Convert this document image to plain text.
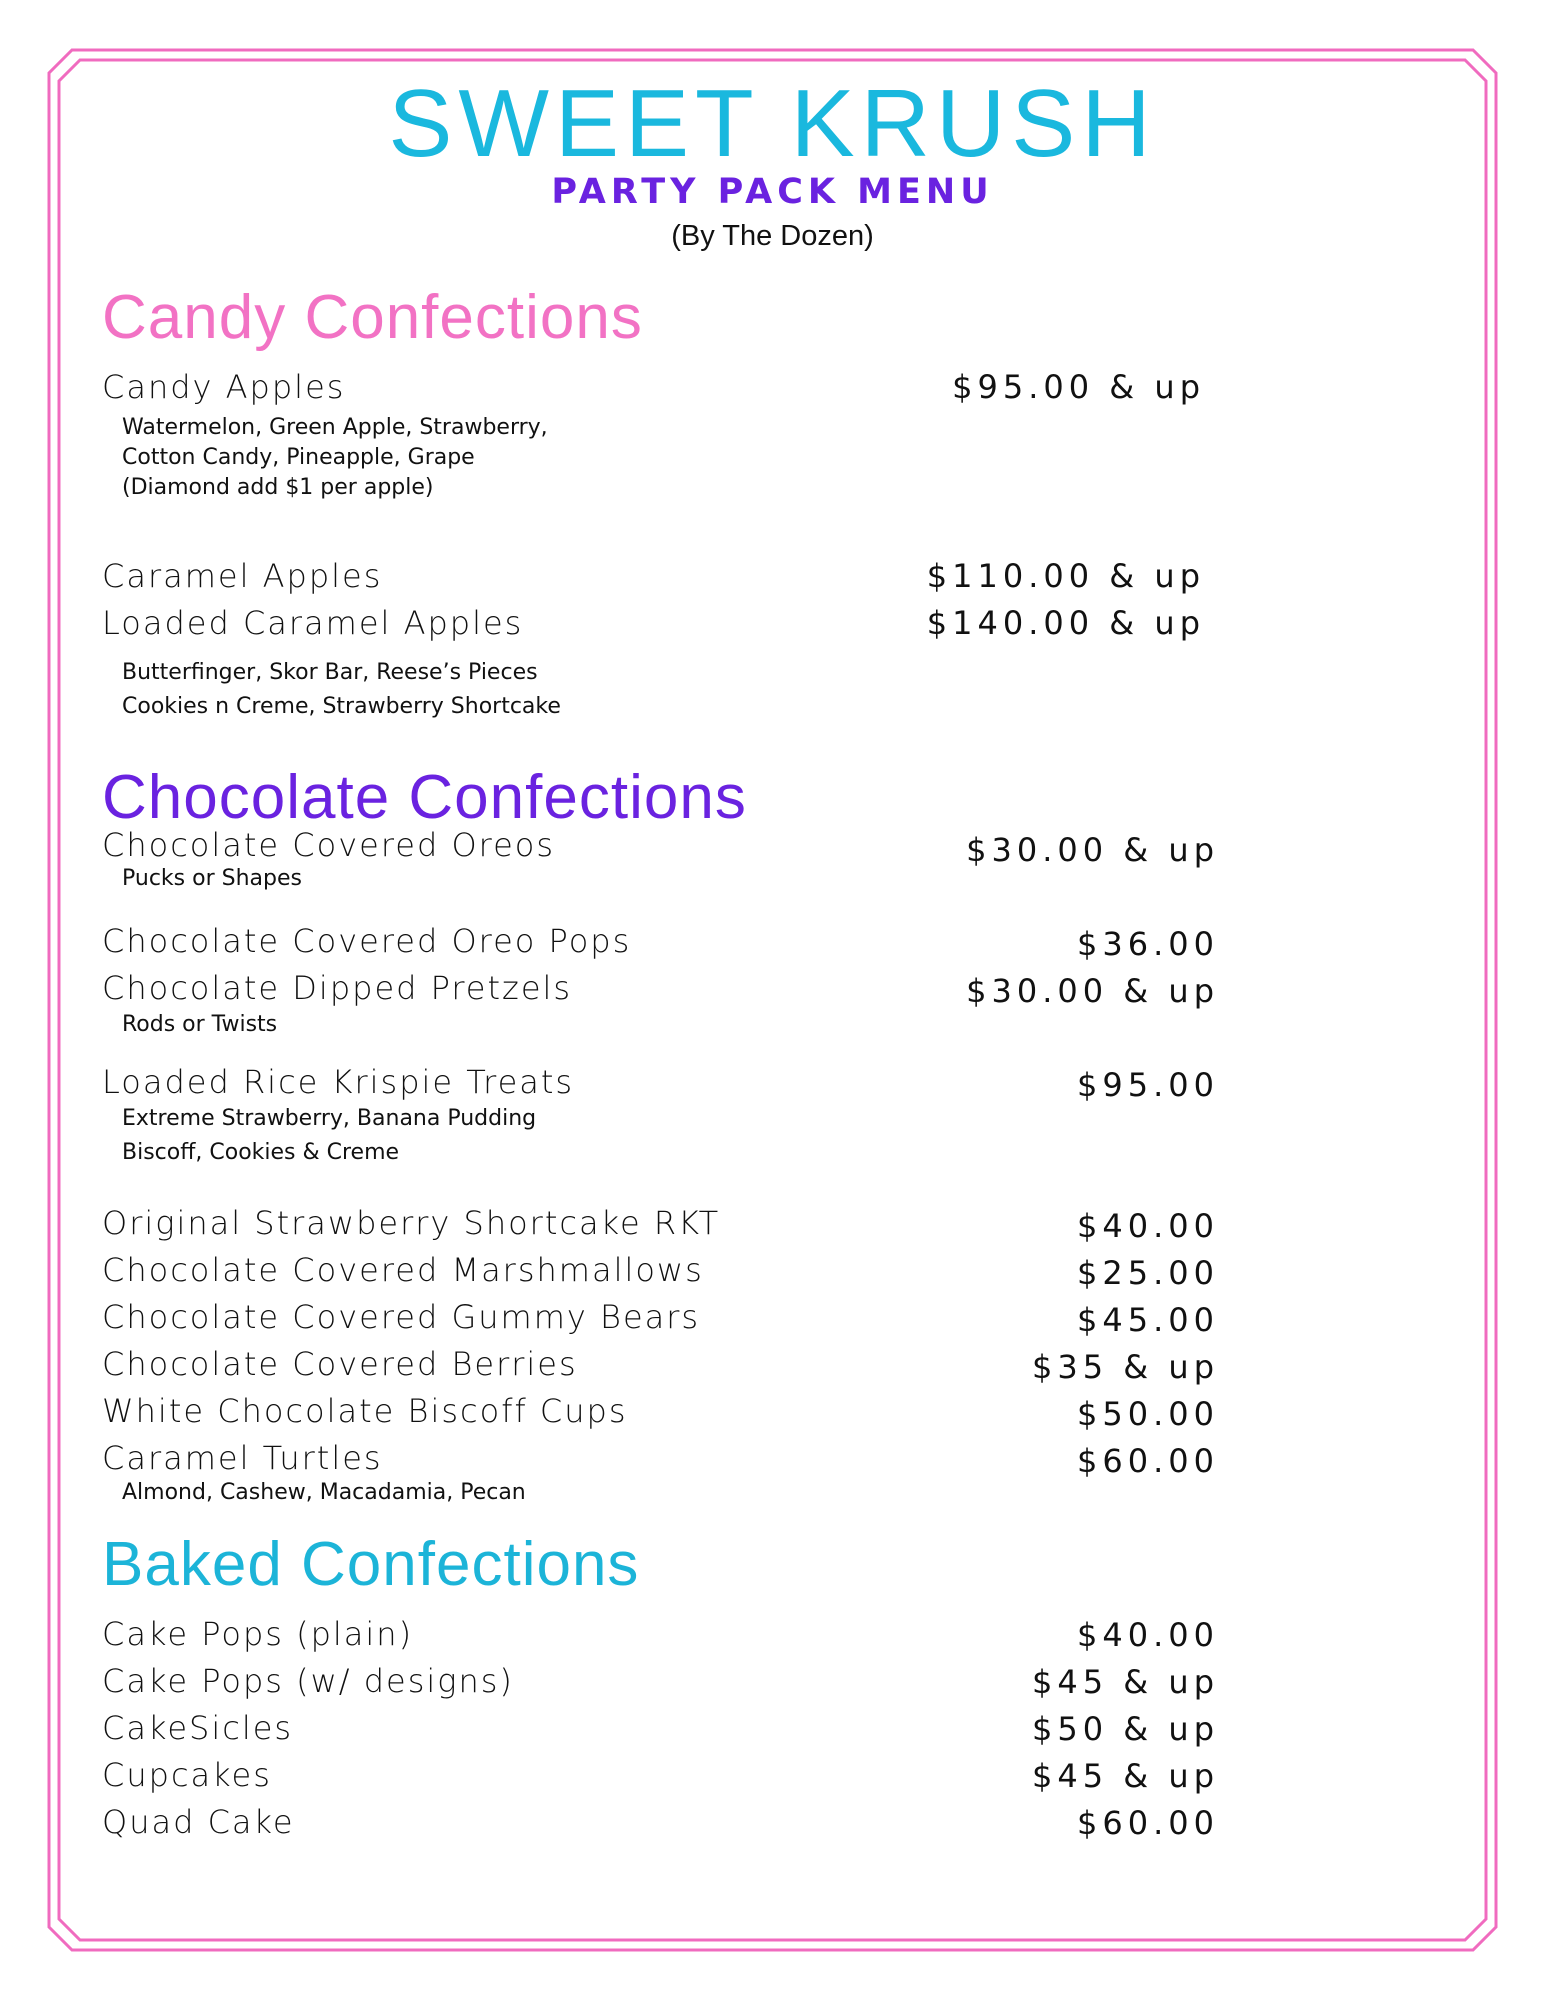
SWEET KRUSH
PARTY PACK MENU
(By The Dozen)
Candy Confections
Candy Apples	$95.00 & up
Watermelon, Green Apple, Strawberry,
Cotton Candy, Pineapple, Grape
(Diamond add $1 per apple)
Caramel Apples	$110.00 & up
Loaded Caramel Apples	$140.00 & up
Butterfinger, Skor Bar, Reese’s Pieces
Cookies n Creme, Strawberry Shortcake
Chocolate Confections
Chocolate Covered Oreos	$30.00 & up
Pucks or Shapes
Chocolate Covered Oreo Pops	$36.00
Chocolate Dipped Pretzels	$30.00 & up
Rods or Twists
Loaded Rice Krispie Treats	$95.00
Extreme Strawberry, Banana Pudding
Biscoff, Cookies & Creme
Original Strawberry Shortcake RKT	$40.00
Chocolate Covered Marshmallows	$25.00
Chocolate Covered Gummy Bears	$45.00
Chocolate Covered Berries	$35 & up
White Chocolate Biscoff Cups	$50.00
Caramel Turtles	$60.00
Almond, Cashew, Macadamia, Pecan
Baked Confections
Cake Pops (plain)	$40.00
Cake Pops (w/ designs)	$45 & up
CakeSicles	$50 & up
Cupcakes	$45 & up
Quad Cake	$60.00
